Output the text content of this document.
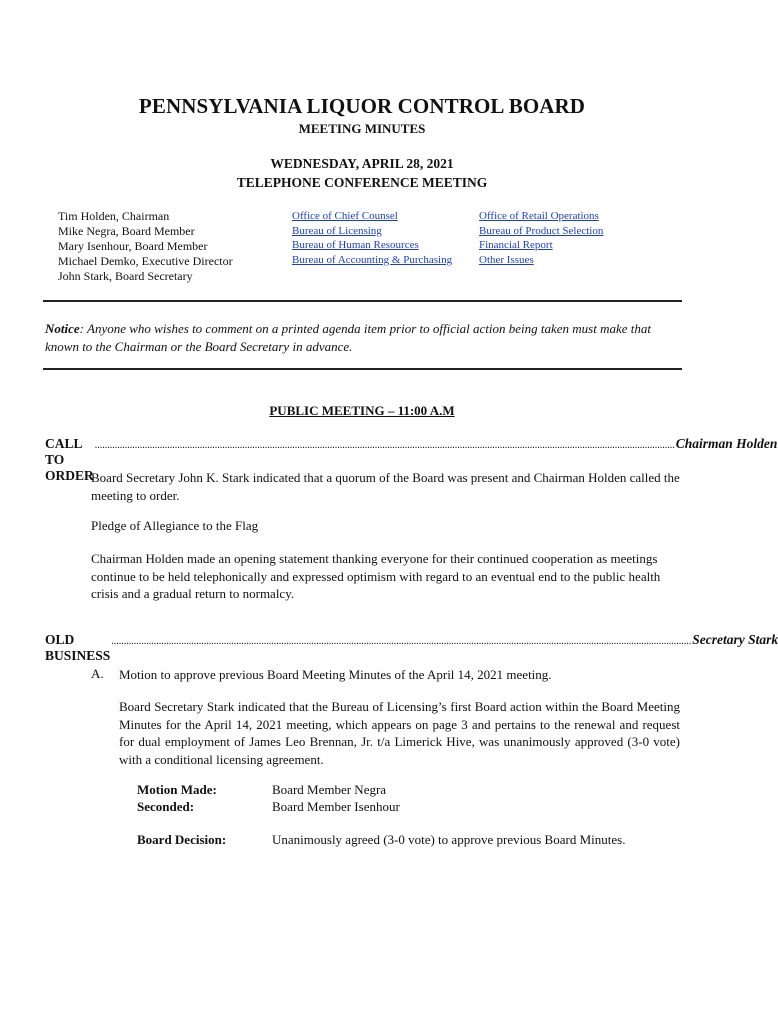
PENNSYLVANIA LIQUOR CONTROL BOARD
MEETING MINUTES
WEDNESDAY, APRIL 28, 2021
TELEPHONE CONFERENCE MEETING
Tim Holden, Chairman
Mike Negra, Board Member
Mary Isenhour, Board Member
Michael Demko, Executive Director
John Stark, Board Secretary
Office of Chief Counsel
Bureau of Licensing
Bureau of Human Resources
Bureau of Accounting & Purchasing
Office of Retail Operations
Bureau of Product Selection
Financial Report
Other Issues
Notice: Anyone who wishes to comment on a printed agenda item prior to official action being taken must make that known to the Chairman or the Board Secretary in advance.
PUBLIC MEETING – 11:00 A.M
CALL TO ORDER
........................................................................................................................................................................................................................................ Chairman Holden
Board Secretary John K. Stark indicated that a quorum of the Board was present and Chairman Holden called the meeting to order.
Pledge of Allegiance to the Flag
Chairman Holden made an opening statement thanking everyone for their continued cooperation as meetings continue to be held telephonically and expressed optimism with regard to an eventual end to the public health crisis and a gradual return to normalcy.
OLD BUSINESS
........................................................................................................................................................................................................................................ Secretary Stark
A. Motion to approve previous Board Meeting Minutes of the April 14, 2021 meeting.
Board Secretary Stark indicated that the Bureau of Licensing’s first Board action within the Board Meeting Minutes for the April 14, 2021 meeting, which appears on page 3 and pertains to the renewal and request for dual employment of James Leo Brennan, Jr. t/a Limerick Hive, was unanimously approved (3-0 vote) with a conditional licensing agreement.
Motion Made:	Board Member Negra
Seconded:	Board Member Isenhour
Board Decision:	Unanimously agreed (3-0 vote) to approve previous Board Minutes.
